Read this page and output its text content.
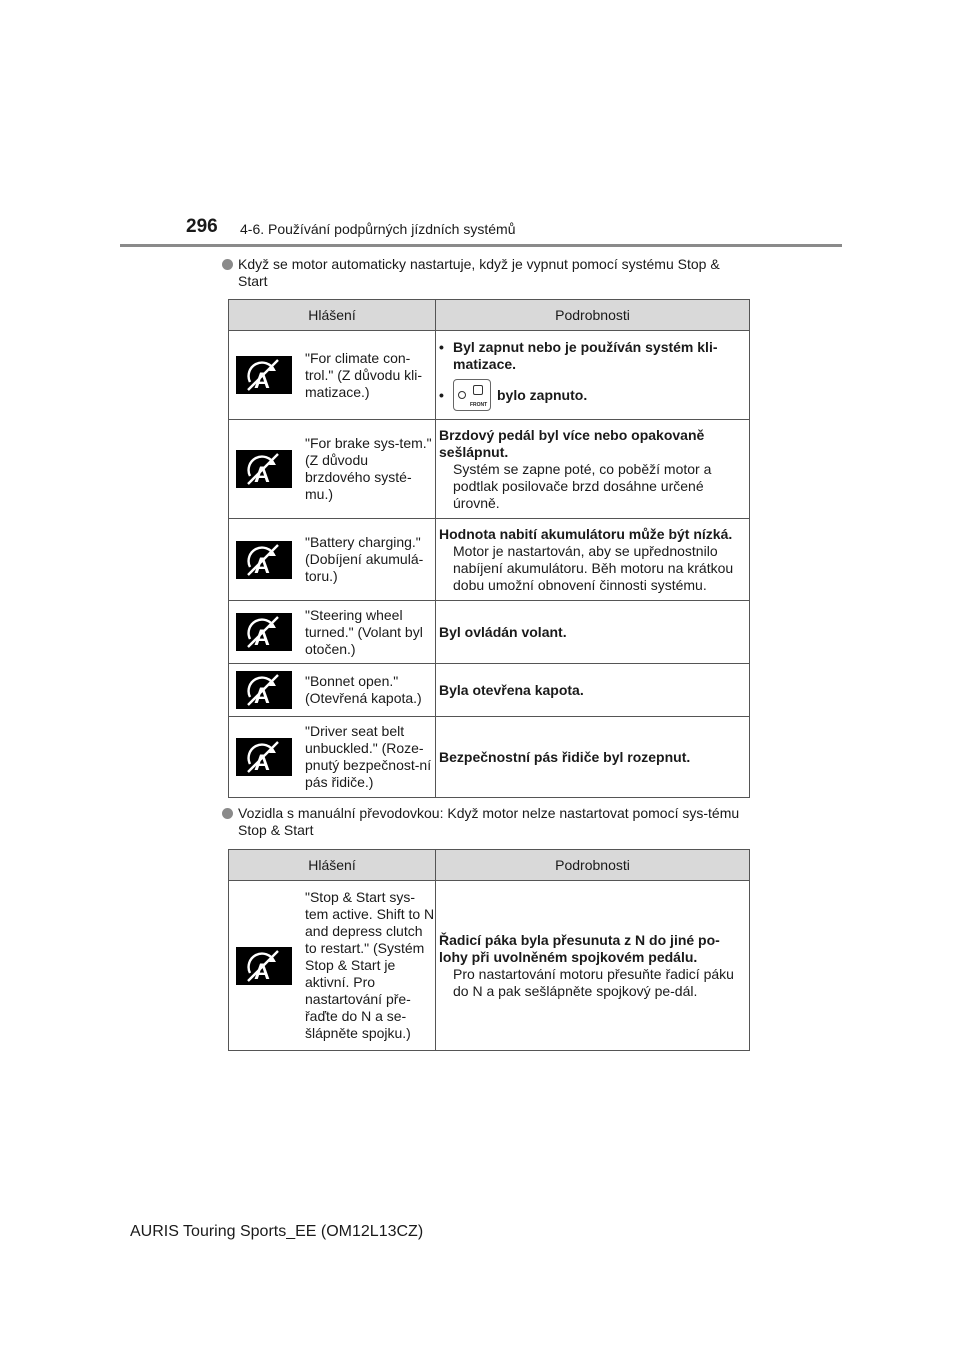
296 4-6. Používání podpůrných jízdních systémů
Když se motor automaticky nastartuje, když je vypnut pomocí systému Stop & Start
Hlášení	Podrobnosti

"For climate con-trol." (Z důvodu kli-matizace.)	• Byl zapnut nebo je používán systém kli-matizace.
•
FRONT
bylo zapnuto.

"For brake sys-tem." (Z důvodu brzdového systé-mu.)	Brzdový pedál byl více nebo opakovaně sešlápnut.
Systém se zapne poté, co poběží motor a podtlak posilovače brzd dosáhne určené úrovně.

"Battery charging." (Dobíjení akumulá-toru.)	Hodnota nabití akumulátoru může být nízká.
Motor je nastartován, aby se upřednostnilo nabíjení akumulátoru. Běh motoru na krátkou dobu umožní obnovení činnosti systému.

"Steering wheel turned." (Volant byl otočen.)	Byl ovládán volant.

"Bonnet open." (Otevřená kapota.)	Byla otevřena kapota.

"Driver seat belt unbuckled." (Roze-pnutý bezpečnost-ní pás řidiče.)	Bezpečnostní pás řidiče byl rozepnut.
Vozidla s manuální převodovkou: Když motor nelze nastartovat pomocí sys-tému Stop & Start
Hlášení	Podrobnosti

"Stop & Start sys-tem active. Shift to N and depress clutch to restart." (Systém Stop & Start je aktivní. Pro nastartování pře-řaďte do N a se-šlápněte spojku.)	Řadicí páka byla přesunuta z N do jiné po-lohy při uvolněném spojkovém pedálu.
Pro nastartování motoru přesuňte řadicí páku do N a pak sešlápněte spojkový pe-dál.
AURIS Touring Sports_EE (OM12L13CZ)
